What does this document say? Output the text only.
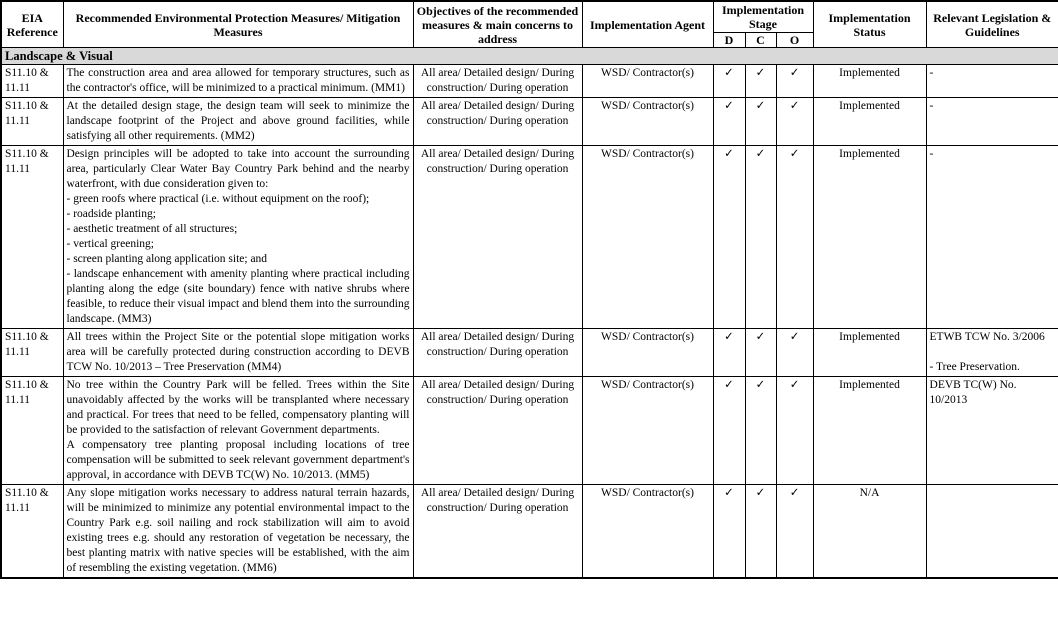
EIA Reference	Recommended Environmental Protection Measures/ Mitigation Measures	Objectives of the recommended measures & main concerns to address	Implementation Agent	Implementation Stage			Implementation Status	Relevant Legislation & Guidelines
				D	C	O		
Landscape & Visual								
S11.10 & 11.11	The construction area and area allowed for temporary structures, such as the contractor's office, will be minimized to a practical minimum. (MM1)	All area/ Detailed design/ During construction/ During operation	WSD/ Contractor(s)	✓	✓	✓	Implemented	-
S11.10 & 11.11	At the detailed design stage, the design team will seek to minimize the landscape footprint of the Project and above ground facilities, while satisfying all other requirements. (MM2)	All area/ Detailed design/ During construction/ During operation	WSD/ Contractor(s)	✓	✓	✓	Implemented	-
S11.10 & 11.11	Design principles will be adopted to take into account the surrounding area, particularly Clear Water Bay Country Park behind and the nearby waterfront, with due consideration given to:
- green roofs where practical (i.e. without equipment on the roof);
- roadside planting;
- aesthetic treatment of all structures;
- vertical greening;
- screen planting along application site; and
- landscape enhancement with amenity planting where practical including planting along the edge (site boundary) fence with native shrubs where feasible, to reduce their visual impact and blend them into the surrounding landscape. (MM3)	All area/ Detailed design/ During construction/ During operation	WSD/ Contractor(s)	✓	✓	✓	Implemented	-
S11.10 & 11.11	All trees within the Project Site or the potential slope mitigation works area will be carefully protected during construction according to DEVB TCW No. 10/2013 – Tree Preservation (MM4)	All area/ Detailed design/ During construction/ During operation	WSD/ Contractor(s)	✓	✓	✓	Implemented	ETWB TCW No. 3/2006

- Tree Preservation.
S11.10 & 11.11	No tree within the Country Park will be felled. Trees within the Site unavoidably affected by the works will be transplanted where necessary and practical. For trees that need to be felled, compensatory planting will be provided to the satisfaction of relevant Government departments.
A compensatory tree planting proposal including locations of tree compensation will be submitted to seek relevant government department's approval, in accordance with DEVB TC(W) No. 10/2013. (MM5)	All area/ Detailed design/ During construction/ During operation	WSD/ Contractor(s)	✓	✓	✓	Implemented	DEVB TC(W) No. 10/2013
S11.10 & 11.11	Any slope mitigation works necessary to address natural terrain hazards, will be minimized to minimize any potential environmental impact to the Country Park e.g. soil nailing and rock stabilization will aim to avoid existing trees e.g. should any restoration of vegetation be necessary, the best planting matrix with native species will be established, with the aim of resembling the existing vegetation. (MM6)	All area/ Detailed design/ During construction/ During operation	WSD/ Contractor(s)	✓	✓	✓	N/A	
